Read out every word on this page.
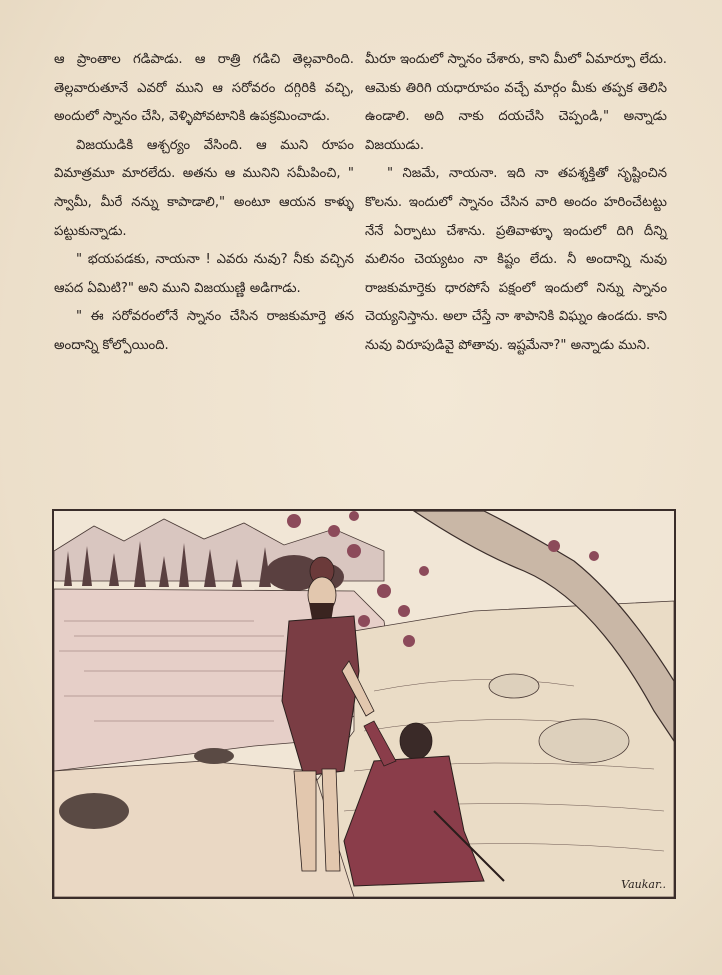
ఆ ప్రాంతాల గడిపాడు. ఆ రాత్రి గడిచి తెల్లవారింది. తెల్లవారుతూనే ఎవరో ముని ఆ సరోవరం దగ్గిరికి వచ్చి, అందులో స్నానం చేసి, వెళ్ళిపోవటానికి ఉపక్రమించాడు.

విజయుడికి ఆశ్చర్యం వేసింది. ఆ ముని రూపం విమాత్రమూ మారలేదు. అతను ఆ మునిని సమీపించి, " స్వామీ, మీరే నన్ను కాపాడాలి," అంటూ ఆయన కాళ్ళు పట్టుకున్నాడు.

" భయపడకు, నాయనా ! ఎవరు నువు? నీకు వచ్చిన ఆపద ఏమిటి?" అని ముని విజయుణ్ణి అడిగాడు.

" ఈ సరోవరంలోనే స్నానం చేసిన రాజకుమార్తె తన అందాన్ని కోల్పోయింది.

మీరూ ఇందులో స్నానం చేశారు, కాని మీలో ఏమార్పూ లేదు. ఆమెకు తిరిగి యధారూపం వచ్చే మార్గం మీకు తప్పక తెలిసి ఉండాలి. అది నాకు దయచేసి చెప్పండి," అన్నాడు విజయుడు.

" నిజమే, నాయనా. ఇది నా తపశ్శక్తితో సృష్టించిన కొలను. ఇందులో స్నానం చేసిన వారి అందం హరించేటట్టు నేనే ఏర్పాటు చేశాను. ప్రతివాళ్ళూ ఇందులో దిగి దీన్ని మలినం చెయ్యటం నా కిష్టం లేదు. నీ అందాన్ని నువు రాజకుమార్తెకు ధారపోసే పక్షంలో ఇందులో నిన్ను స్నానం చెయ్యనిస్తాను. అలా చేస్తే నా శాపానికి విఘ్నం ఉండదు. కాని నువు విరూపుడివై పోతావు. ఇష్టమేనా?" అన్నాడు ముని.

Vaukar..
